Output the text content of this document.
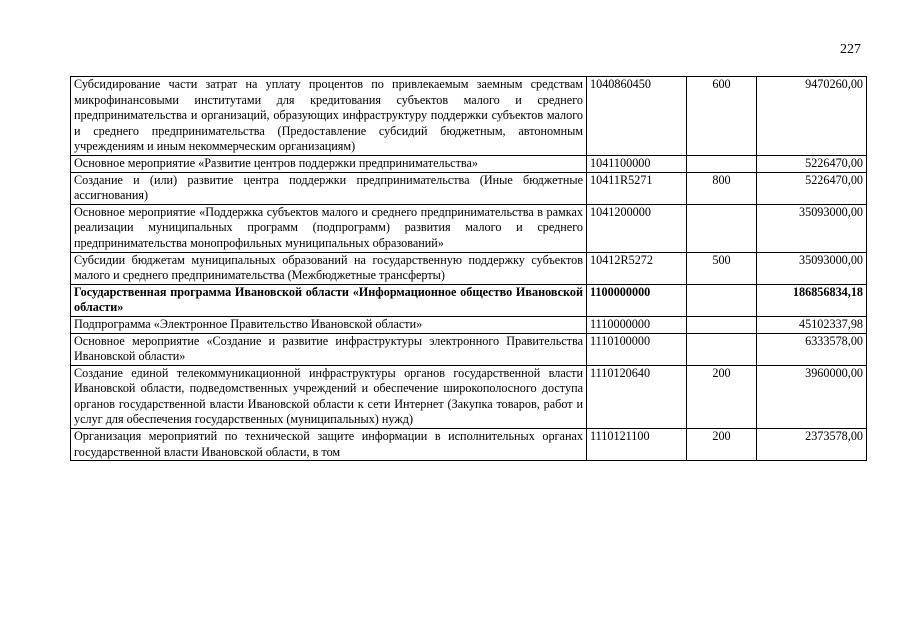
227
Субсидирование части затрат на уплату процентов по привлекаемым заемным средствам микрофинансовыми институтами для кредитования субъектов малого и среднего предпринимательства и организаций, образующих инфраструктуру поддержки субъектов малого и среднего предпринимательства (Предоставление субсидий бюджетным, автономным учреждениям и иным некоммерческим организациям)	1040860450	600	9470260,00
Основное мероприятие «Развитие центров поддержки предпринимательства»	1041100000		5226470,00
Создание и (или) развитие центра поддержки предпринимательства (Иные бюджетные ассигнования)	10411R5271	800	5226470,00
Основное мероприятие «Поддержка субъектов малого и среднего предпринимательства в рамках реализации муниципальных программ (подпрограмм) развития малого и среднего предпринимательства монопрофильных муниципальных образований»	1041200000		35093000,00
Субсидии бюджетам муниципальных образований на государственную поддержку субъектов малого и среднего предпринимательства (Межбюджетные трансферты)	10412R5272	500	35093000,00
Государственная программа Ивановской области «Информационное общество Ивановской области»	1100000000		186856834,18
Подпрограмма «Электронное Правительство Ивановской области»	1110000000		45102337,98
Основное мероприятие «Создание и развитие инфраструктуры электронного Правительства Ивановской области»	1110100000		6333578,00
Создание единой телекоммуникационной инфраструктуры органов государственной власти Ивановской области, подведомственных учреждений и обеспечение широкополосного доступа органов государственной власти Ивановской области к сети Интернет (Закупка товаров, работ и услуг для обеспечения государственных (муниципальных) нужд)	1110120640	200	3960000,00
Организация мероприятий по технической защите информации в исполнительных органах государственной власти Ивановской области, в том	1110121100	200	2373578,00
